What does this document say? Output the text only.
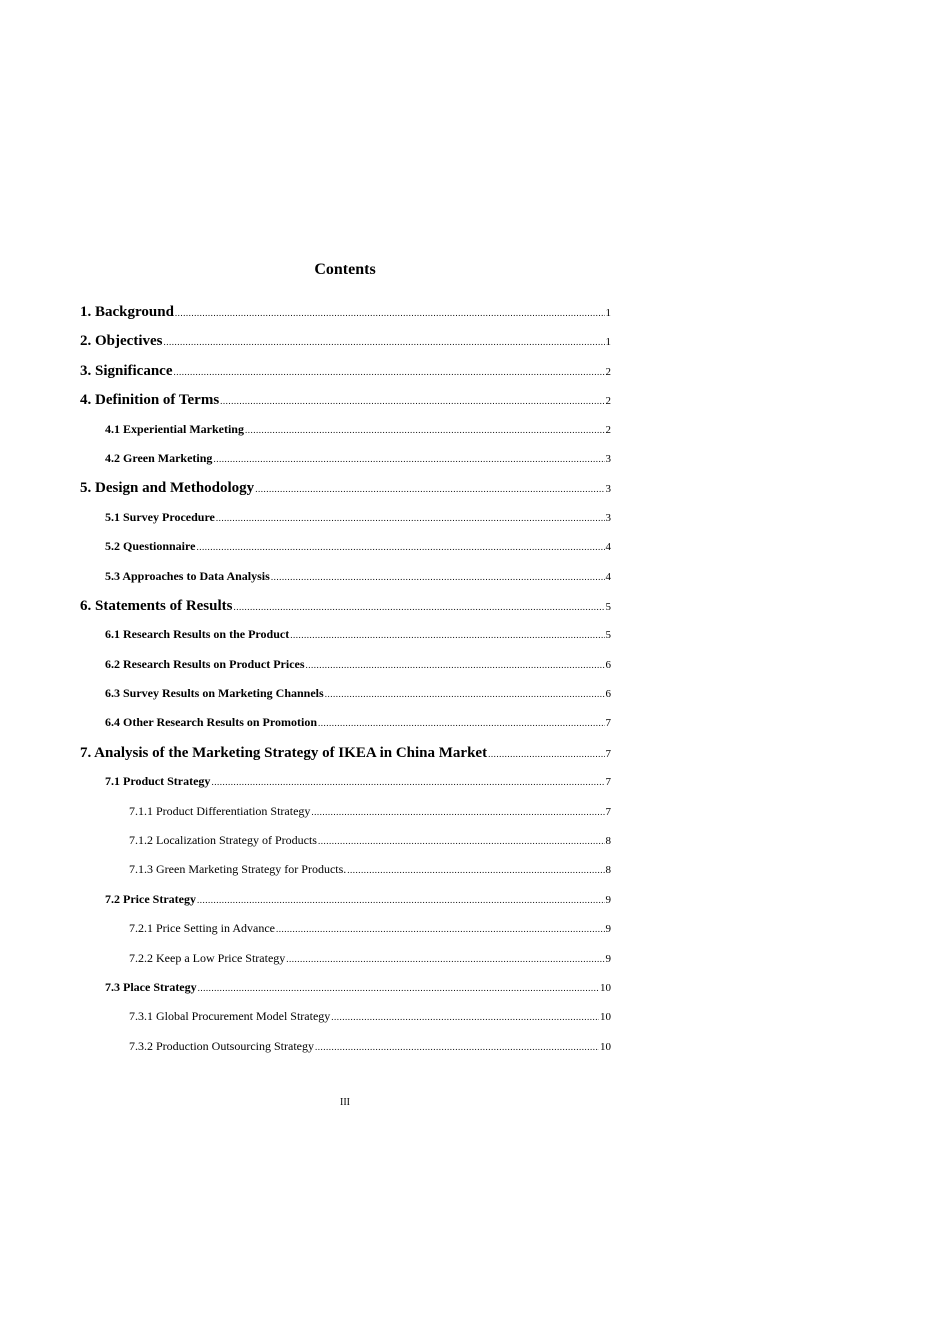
Contents
1. Background .....	1
2. Objectives .....	1
3. Significance .....	2
4. Definition of Terms .....	2
4.1 Experiential Marketing .....	2
4.2 Green Marketing .....	3
5. Design and Methodology .....	3
5.1 Survey Procedure .....	3
5.2 Questionnaire .....	4
5.3 Approaches to Data Analysis .....	4
6. Statements of Results .....	5
6.1 Research Results on the Product .....	5
6.2 Research Results on Product Prices .....	6
6.3 Survey Results on Marketing Channels .....	6
6.4 Other Research Results on Promotion .....	7
7. Analysis of the Marketing Strategy of IKEA in China Market .....	7
7.1 Product Strategy .....	7
7.1.1 Product Differentiation Strategy .....	7
7.1.2 Localization Strategy of Products .....	8
7.1.3 Green Marketing Strategy for Products. .....	8
7.2 Price Strategy .....	9
7.2.1 Price Setting in Advance .....	9
7.2.2 Keep a Low Price Strategy .....	9
7.3 Place Strategy .....	10
7.3.1 Global Procurement Model Strategy .....	10
7.3.2 Production Outsourcing Strategy .....	10
III
